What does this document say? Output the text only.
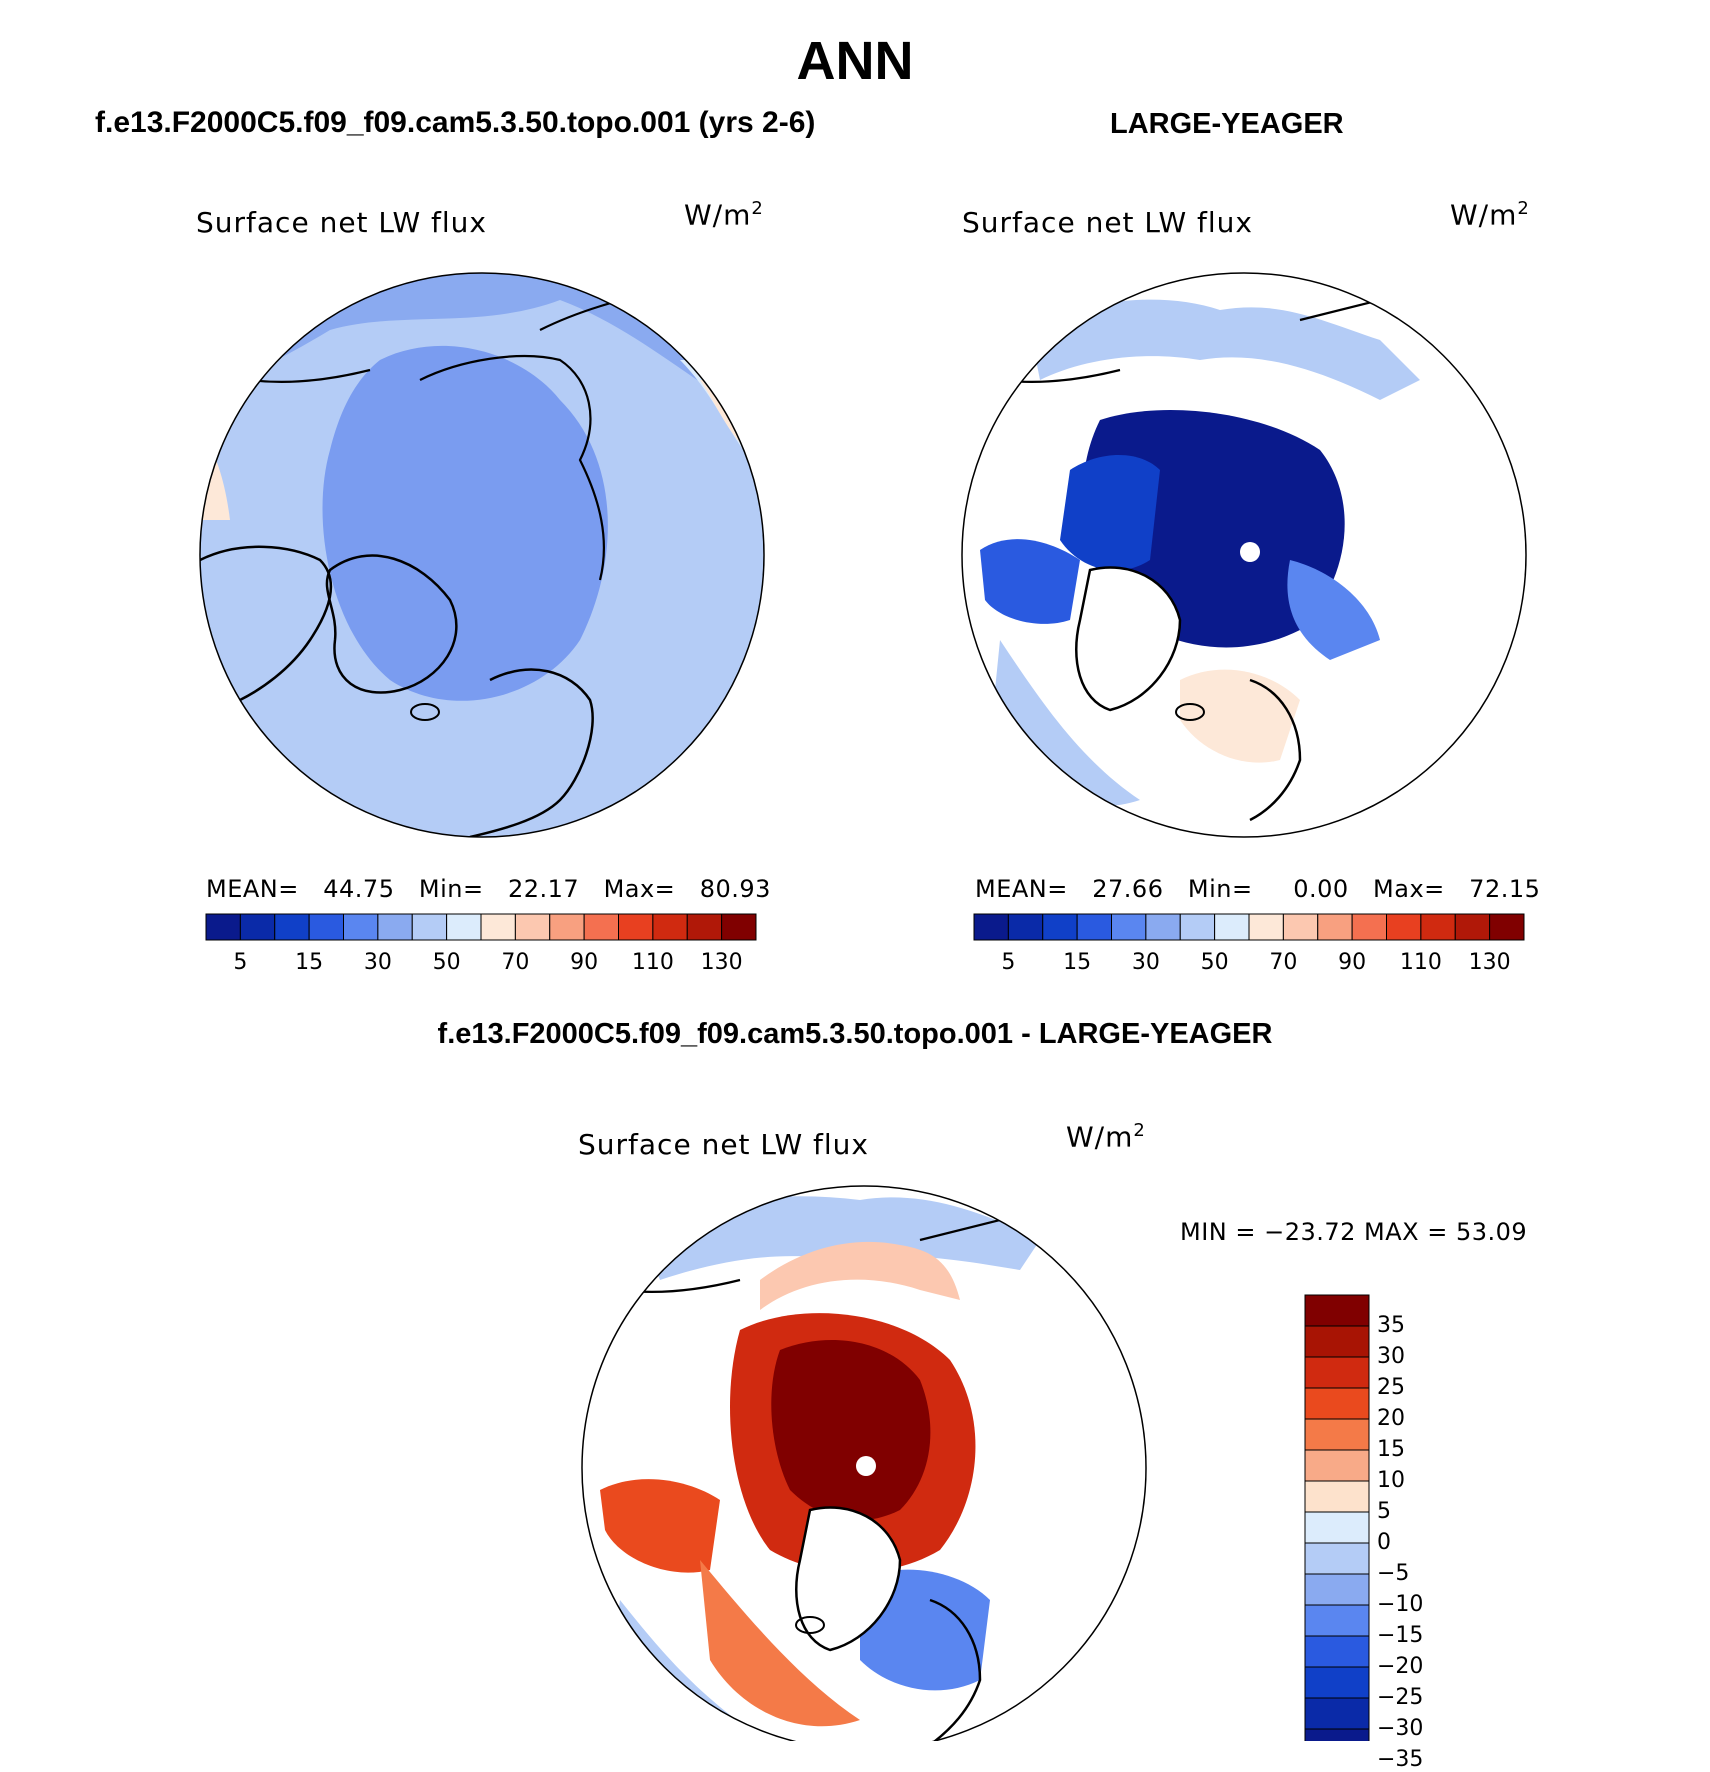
ANN
f.e13.F2000C5.f09_f09.cam5.3.50.topo.001 (yrs 2-6)	LARGE-YEAGER
f.e13.F2000C5.f09_f09.cam5.3.50.topo.001 - LARGE-YEAGER
Surface net LW flux	$W/m^2$
MEAN= 44.75 Min= 22.17 Max= 80.93
Surface net LW flux	$W/m^2$
MEAN= 27.66 Min= 0.00 Max= 72.15
Surface net LW flux	$W/m^2$
MIN = −23.72 MAX = 53.09
5	15	30	50	70	90	110	130	5	15	30	50	70	90	110	130
35
30
25
20
15
10
5
0
−5
−10
−15
−20
−25
−30
−35
